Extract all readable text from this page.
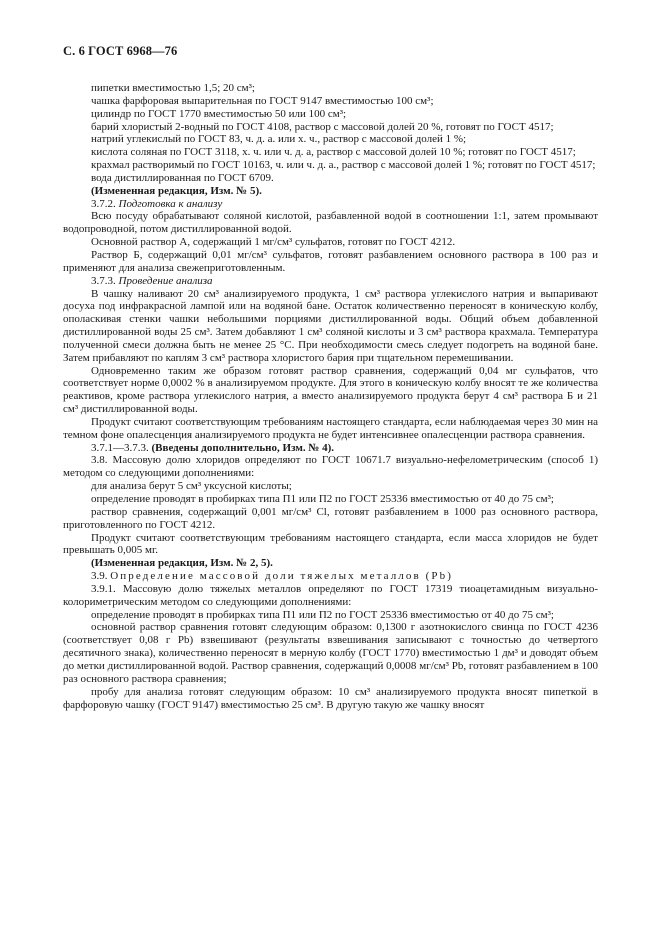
С. 6 ГОСТ 6968—76

пипетки вместимостью 1,5; 20 см³;

чашка фарфоровая выпарительная по ГОСТ 9147 вместимостью 100 см³;

цилиндр по ГОСТ 1770 вместимостью 50 или 100 см³;

барий хлористый 2-водный по ГОСТ 4108, раствор с массовой долей 20 %, готовят по ГОСТ 4517;

натрий углекислый по ГОСТ 83, ч. д. а. или х. ч., раствор с массовой долей 1 %;

кислота соляная по ГОСТ 3118, х. ч. или ч. д. а, раствор с массовой долей 10 %; готовят по ГОСТ 4517;

крахмал растворимый по ГОСТ 10163, ч. или ч. д. а., раствор с массовой долей 1 %; готовят по ГОСТ 4517;

вода дистиллированная по ГОСТ 6709.

(Измененная редакция, Изм. № 5).

3.7.2. Подготовка к анализу

Всю посуду обрабатывают соляной кислотой, разбавленной водой в соотношении 1:1, затем промывают водопроводной, потом дистиллированной водой.

Основной раствор А, содержащий 1 мг/см³ сульфатов, готовят по ГОСТ 4212.

Раствор Б, содержащий 0,01 мг/см³ сульфатов, готовят разбавлением основного раствора в 100 раз и применяют для анализа свежеприготовленным.

3.7.3. Проведение анализа

В чашку наливают 20 см³ анализируемого продукта, 1 см³ раствора углекислого натрия и выпаривают досуха под инфракрасной лампой или на водяной бане. Остаток количественно переносят в коническую колбу, ополаскивая стенки чашки небольшими порциями дистиллированной воды. Общий объем добавленной дистиллированной воды 25 см³. Затем добавляют 1 см³ соляной кислоты и 3 см³ раствора крахмала. Температура полученной смеси должна быть не менее 25 °С. При необходимости смесь следует подогреть на водяной бане. Затем прибавляют по каплям 3 см³ раствора хлористого бария при тщательном перемешивании.

Одновременно таким же образом готовят раствор сравнения, содержащий 0,04 мг сульфатов, что соответствует норме 0,0002 % в анализируемом продукте. Для этого в коническую колбу вносят те же количества реактивов, кроме раствора углекислого натрия, а вместо анализируемого продукта берут 4 см³ раствора Б и 21 см³ дистиллированной воды.

Продукт считают соответствующим требованиям настоящего стандарта, если наблюдаемая через 30 мин на темном фоне опалесценция анализируемого продукта не будет интенсивнее опалесценции раствора сравнения.

3.7.1—3.7.3. (Введены дополнительно, Изм. № 4).

3.8. Массовую долю хлоридов определяют по ГОСТ 10671.7 визуально-нефелометрическим (способ 1) методом со следующими дополнениями:

для анализа берут 5 см³ уксусной кислоты;

определение проводят в пробирках типа П1 или П2 по ГОСТ 25336 вместимостью от 40 до 75 см³;

раствор сравнения, содержащий 0,001 мг/см³ Cl, готовят разбавлением в 1000 раз основного раствора, приготовленного по ГОСТ 4212.

Продукт считают соответствующим требованиям настоящего стандарта, если масса хлоридов не будет превышать 0,005 мг.

(Измененная редакция, Изм. № 2, 5).

3.9. Определение массовой доли тяжелых металлов (Pb)

3.9.1. Массовую долю тяжелых металлов определяют по ГОСТ 17319 тиоацетамидным визуально-колориметрическим методом со следующими дополнениями:

определение проводят в пробирках типа П1 или П2 по ГОСТ 25336 вместимостью от 40 до 75 см³;

основной раствор сравнения готовят следующим образом: 0,1300 г азотнокислого свинца по ГОСТ 4236 (соответствует 0,08 г Pb) взвешивают (результаты взвешивания записывают с точностью до четвертого десятичного знака), количественно переносят в мерную колбу (ГОСТ 1770) вместимостью 1 дм³ и доводят объем до метки дистиллированной водой. Раствор сравнения, содержащий 0,0008 мг/см³ Pb, готовят разбавлением в 100 раз основного раствора сравнения;

пробу для анализа готовят следующим образом: 10 см³ анализируемого продукта вносят пипеткой в фарфоровую чашку (ГОСТ 9147) вместимостью 25 см³. В другую такую же чашку вносят
